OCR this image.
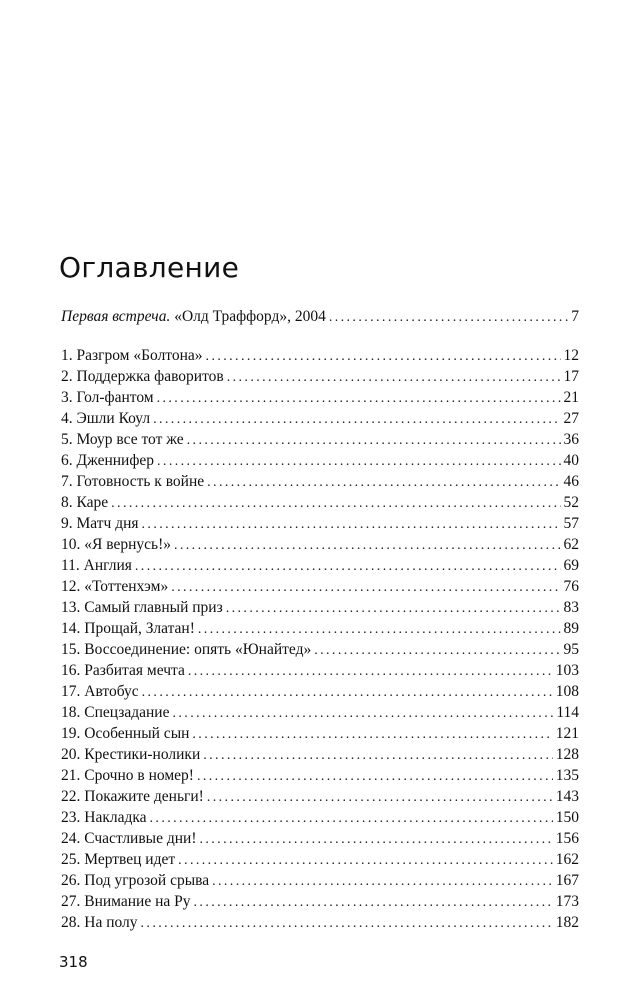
Оглавление
Первая встреча. «Олд Траффорд», 2004 .....	7
1. Разгром «Болтона» .....	12
2. Поддержка фаворитов .....	17
3. Гол-фантом .....	21
4. Эшли Коул .....	27
5. Моур все тот же .....	36
6. Дженнифер .....	40
7. Готовность к войне .....	46
8. Каре .....	52
9. Матч дня .....	57
10. «Я вернусь!» .....	62
11. Англия .....	69
12. «Тоттенхэм» .....	76
13. Самый главный приз .....	83
14. Прощай, Златан! .....	89
15. Воссоединение: опять «Юнайтед» .....	95
16. Разбитая мечта .....	103
17. Автобус .....	108
18. Спецзадание .....	114
19. Особенный сын .....	121
20. Крестики-нолики .....	128
21. Срочно в номер! .....	135
22. Покажите деньги! .....	143
23. Накладка .....	150
24. Счастливые дни! .....	156
25. Мертвец идет .....	162
26. Под угрозой срыва .....	167
27. Внимание на Ру .....	173
28. На полу .....	182
318
